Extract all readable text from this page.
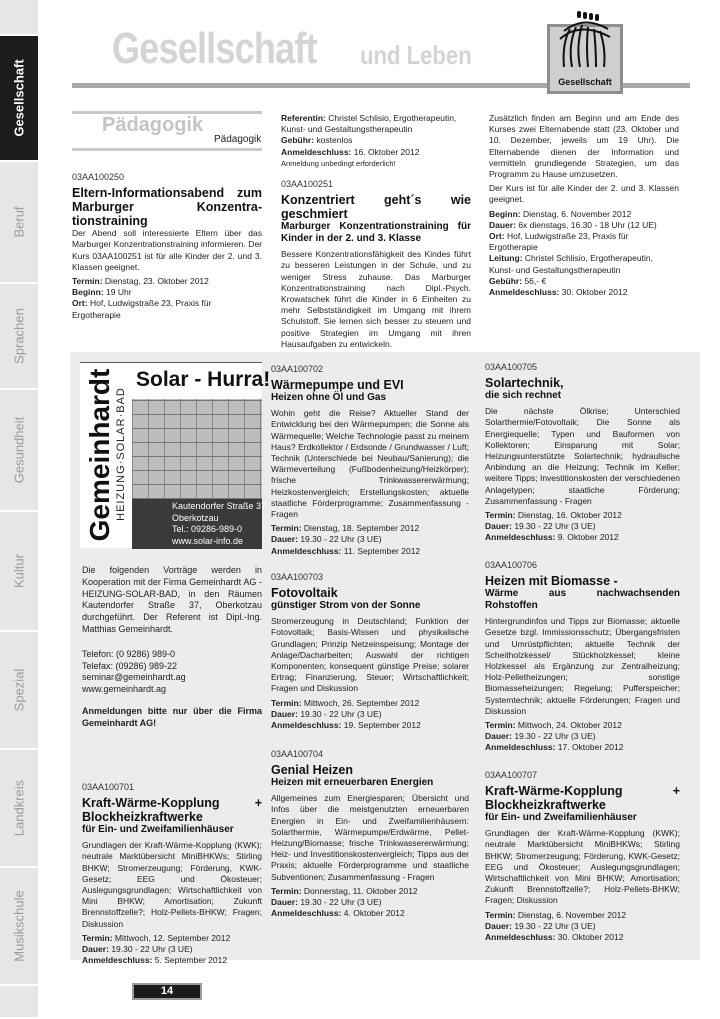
Gesellschaft
Beruf
Sprachen
Gesundheit
Kultur
Spezial
Landkreis
Musikschule
Gesellschaft und Leben
Gesellschaft
Pädagogik
Pädagogik
03AA100250
Eltern-Informationsabend zum Marburger Konzentra-tionstraining
Der Abend soll interessierte Eltern über das Marburger Konzentrationstraining informieren. Der Kurs 03AA100251 ist für alle Kinder der 2. und 3. Klassen geeignet.
Termin: Dienstag, 23. Oktober 2012
Beginn: 19 Uhr
Ort: Hof, Ludwigstraße 23, Praxis für Ergotherapie
Referentin: Christel Schlisio, Ergotherapeutin, Kunst- und Gestaltungstherapeutin
Gebühr: kostenlos
Anmeldeschluss: 16. Oktober 2012
Anmeldung unbedingt erforderlich!
03AA100251
Konzentriert geht´s wie geschmiert
Marburger Konzentrationstraining für Kinder in der 2. und 3. Klasse
Bessere Konzentrationsfähigkeit des Kindes führt zu besseren Leistungen in der Schule, und zu weniger Stress zuhause. Das Marburger Konzentrationstraining nach Dipl.-Psych. Krowatschek führt die Kinder in 6 Einheiten zu mehr Selbstständigkeit im Umgang mit ihrem Schulstoff. Sie lernen sich besser zu steuern und positive Strategien im Umgang mit ihren Hausaufgaben zu entwickeln.
Zusätzlich finden am Beginn und am Ende des Kurses zwei Elternabende statt (23. Oktober und 10. Dezember, jeweils um 19 Uhr). Die Elternabende dienen der Information und vermitteln grundlegende Strategien, um das Programm zu Hause umzusetzen.
Der Kurs ist für alle Kinder der 2. und 3. Klassen geeignet.
Beginn: Dienstag, 6. November 2012
Dauer: 6x dienstags, 16.30 - 18 Uhr (12 UE)
Ort: Hof, Ludwigstraße 23, Praxis für Ergotherapie
Leitung: Christel Schlisio, Ergotherapeutin, Kunst- und Gestaltungstherapeutin
Gebühr: 56,- €
Anmeldeschluss: 30. Oktober 2012
Solar - Hurra!
Gemeinhardt HEIZUNG·SOLAR·BAD	Kautendorfer Straße 37
Oberkotzau
Tel.: 09286-989-0
www.solar-info.de
Die folgenden Vorträge werden in Kooperation mit der Firma Gemeinhardt AG - HEIZUNG-SOLAR-BAD, in den Räumen Kautendorfer Straße 37, Oberkotzau durchgeführt. Der Referent ist Dipl.-Ing. Matthias Gemeinhardt.
Telefon: (0 9286) 989-0
Telefax: (09286) 989-22
seminar@gemeinhardt.ag
www.gemeinhardt.ag
Anmeldungen bitte nur über die Firma Gemeinhardt AG!
03AA100701
Kraft-Wärme-Kopplung + Blockheizkraftwerke
für Ein- und Zweifamilienhäuser
Grundlagen der Kraft-Wärme-Kopplung (KWK); neutrale Marktübersicht MiniBHKWs; Stirling BHKW; Stromerzeugung; Förderung, KWK-Gesetz; EEG und Ökosteuer; Auslegungsgrundlagen; Wirtschaftlichkeit von Mini BHKW; Amortisation; Zukunft Brennstoffzelle?; Holz-Pellets-BHKW; Fragen; Diskussion
Termin: Mittwoch, 12. September 2012
Dauer: 19.30 - 22 Uhr (3 UE)
Anmeldeschluss: 5. September 2012
03AA100702
Wärmepumpe und EVI
Heizen ohne Öl und Gas
Wohin geht die Reise? Aktueller Stand der Entwicklung bei den Wärmepumpen; die Sonne als Wärmequelle; Welche Technologie passt zu meinem Haus? Erdkollektor / Erdsonde / Grundwasser / Luft; Technik (Unterschiede bei Neubau/Sanierung); die Wärmeverteilung (Fußbodenheizung/Heizkörper); frische Trinkwassererwärmung; Heizkostenvergleich; Erstellungskosten; aktuelle staatliche Förderprogramme; Zusammenfassung - Fragen
Termin: Dienstag, 18. September 2012
Dauer: 19.30 - 22 Uhr (3 UE)
Anmeldeschluss: 11. September 2012
03AA100703
Fotovoltaik
günstiger Strom von der Sonne
Stromerzeugung in Deutschland; Funktion der Fotovoltaik; Basis-Wissen und physikalische Grundlagen; Prinzip Netzeinspeisung; Montage der Anlage/Dacharbeiten; Auswahl der richtigen Komponenten; konsequent günstige Preise; solarer Ertrag; Finanzierung, Steuer; Wirtschaftlichkeit; Fragen und Diskussion
Termin: Mittwoch, 26. September 2012
Dauer: 19.30 - 22 Uhr (3 UE)
Anmeldeschluss: 19. September 2012
03AA100704
Genial Heizen
Heizen mit erneuerbaren Energien
Allgemeines zum Energiesparen; Übersicht und Infos über die meistgenutzten erneuerbaren Energien in Ein- und Zweifamilienhäusern: Solarthermie, Wärmepumpe/Erdwärme, Pellet-Heizung/Biomasse; frische Trinkwassererwärmung; Heiz- und Investitionskostenvergleich; Tipps aus der Praxis; aktuelle Förderprogramme und staatliche Subventionen; Zusammenfassung - Fragen
Termin: Donnerstag, 11. Oktober 2012
Dauer: 19.30 - 22 Uhr (3 UE)
Anmeldeschluss: 4. Oktober 2012
03AA100705
Solartechnik,
die sich rechnet
Die nächste Ölkrise; Unterschied Solarthermie/Fotovoltaik; Die Sonne als Energiequelle; Typen und Bauformen von Kollektoren; Einsparung mit Solar; Heizungsunterstützte Solartechnik; hydraulische Anbindung an die Heizung; Technik im Keller; weitere Tipps; Investitionskosten der verschiedenen Anlagetypen; staatliche Förderung; Zusammenfassung - Fragen
Termin: Dienstag, 16. Oktober 2012
Dauer: 19.30 - 22 Uhr (3 UE)
Anmeldeschluss: 9. Oktober 2012
03AA100706
Heizen mit Biomasse -
Wärme aus nachwachsenden Rohstoffen
Hintergrundinfos und Tipps zur Biomasse; aktuelle Gesetze bzgl. Immissionsschutz; Übergangsfristen und Umrüstpflichten; aktuelle Technik der Scheitholzkessel/ Stückholzkessel; kleine Holzkessel als Ergänzung zur Zentralheizung; Holz-Pelletheizungen; sonstige Biomasseheizungen; Regelung; Pufferspeicher; Systemtechnik; aktuelle Förderungen; Fragen und Diskussion
Termin: Mittwoch, 24. Oktober 2012
Dauer: 19.30 - 22 Uhr (3 UE)
Anmeldeschluss: 17. Oktober 2012
03AA100707
Kraft-Wärme-Kopplung + Blockheizkraftwerke
für Ein- und Zweifamilienhäuser
Grundlagen der Kraft-Wärme-Kopplung (KWK); neutrale Marktübersicht MiniBHKWs; Stirling BHKW; Stromerzeugung; Förderung, KWK-Gesetz; EEG und Ökosteuer; Auslegungsgrundlagen; Wirtschaftlichkeit von Mini BHKW; Amortisation; Zukunft Brennstoffzelle?; Holz-Pellets-BHKW; Fragen; Diskussion
Termin: Dienstag, 6. November 2012
Dauer: 19.30 - 22 Uhr (3 UE)
Anmeldeschluss: 30. Oktober 2012
14
